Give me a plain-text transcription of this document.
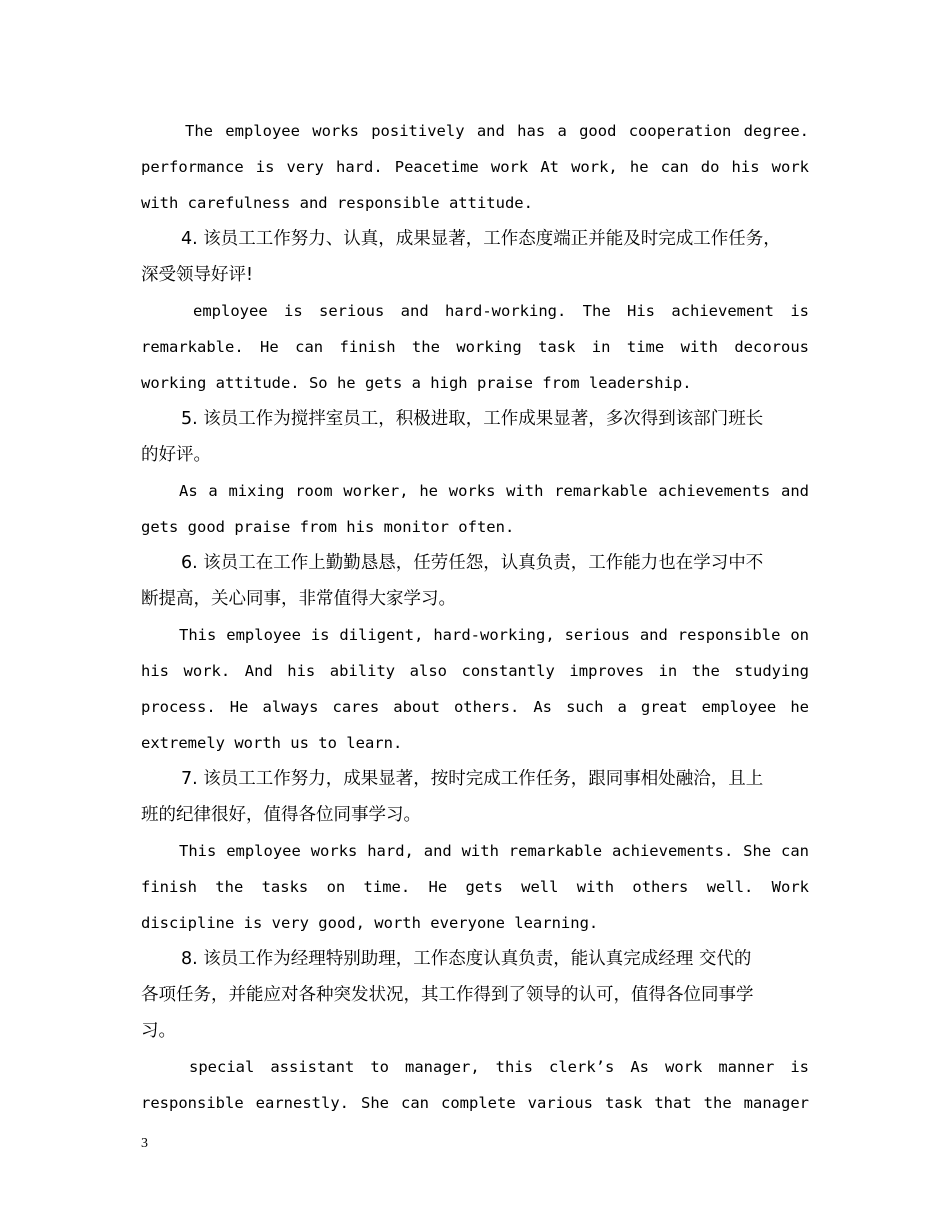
The employee works positively and has a good cooperation degree.
performance is very hard. Peacetime work At work, he can do his work
with carefulness and responsible attitude.
4. 该员工工作努力、认真，成果显著，工作态度端正并能及时完成工作任务，
深受领导好评!
employee is serious and hard-working. The His achievement is
remarkable. He can finish the working task in time with decorous
working attitude. So he gets a high praise from leadership.
5. 该员工作为搅拌室员工，积极进取，工作成果显著，多次得到该部门班长
的好评。
As a mixing room worker, he works with remarkable achievements and
gets good praise from his monitor often.
6. 该员工在工作上勤勤恳恳，任劳任怨，认真负责，工作能力也在学习中不
断提高，关心同事，非常值得大家学习。
This employee is diligent, hard-working, serious and responsible on
his work. And his ability also constantly improves in the studying
process. He always cares about others. As such a great employee he
extremely worth us to learn.
7. 该员工工作努力，成果显著，按时完成工作任务，跟同事相处融洽，且上
班的纪律很好，值得各位同事学习。
This employee works hard, and with remarkable achievements. She can
finish the tasks on time. He gets well with others well. Work
discipline is very good, worth everyone learning.
8. 该员工作为经理特别助理，工作态度认真负责，能认真完成经理 交代的
各项任务，并能应对各种突发状况，其工作得到了领导的认可，值得各位同事学
习。
special assistant to manager, this clerk’s As work manner is
responsible earnestly. She can complete various task that the manager
3
